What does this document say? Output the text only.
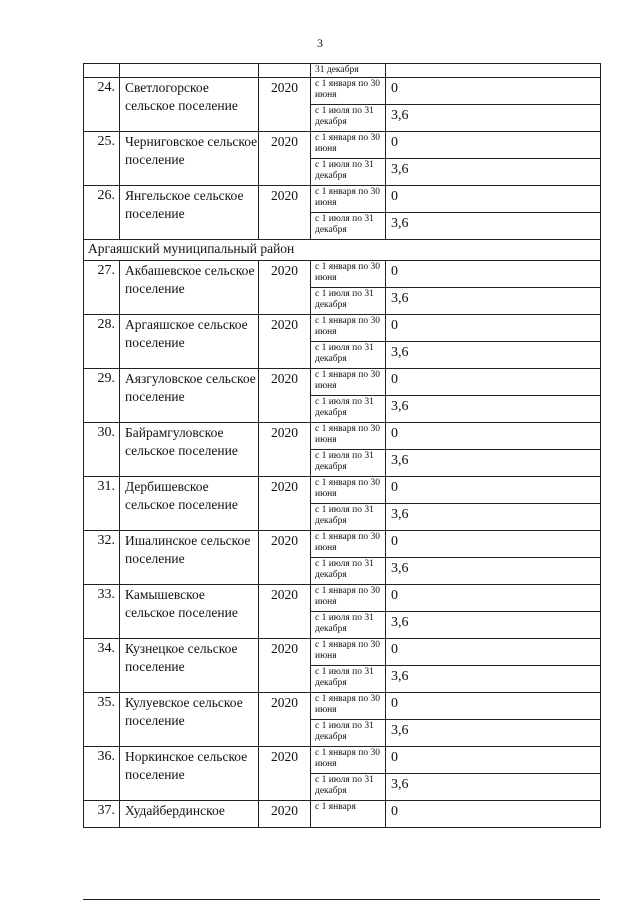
3
			31 декабря	
24.	Светлогорское сельское поселение	2020	с 1 января по 30 июня	0
			с 1 июля по 31 декабря	3,6
25.	Черниговское сельское поселение	2020	с 1 января по 30 июня	0
			с 1 июля по 31 декабря	3,6
26.	Янгельское сельское поселение	2020	с 1 января по 30 июня	0
			с 1 июля по 31 декабря	3,6
Аргаяшский муниципальный район				
27.	Акбашевское сельское поселение	2020	с 1 января по 30 июня	0
			с 1 июля по 31 декабря	3,6
28.	Аргаяшское сельское поселение	2020	с 1 января по 30 июня	0
			с 1 июля по 31 декабря	3,6
29.	Аязгуловское сельское поселение	2020	с 1 января по 30 июня	0
			с 1 июля по 31 декабря	3,6
30.	Байрамгуловское сельское поселение	2020	с 1 января по 30 июня	0
			с 1 июля по 31 декабря	3,6
31.	Дербишевское сельское поселение	2020	с 1 января по 30 июня	0
			с 1 июля по 31 декабря	3,6
32.	Ишалинское сельское поселение	2020	с 1 января по 30 июня	0
			с 1 июля по 31 декабря	3,6
33.	Камышевское сельское поселение	2020	с 1 января по 30 июня	0
			с 1 июля по 31 декабря	3,6
34.	Кузнецкое сельское поселение	2020	с 1 января по 30 июня	0
			с 1 июля по 31 декабря	3,6
35.	Кулуевское сельское поселение	2020	с 1 января по 30 июня	0
			с 1 июля по 31 декабря	3,6
36.	Норкинское сельское поселение	2020	с 1 января по 30 июня	0
			с 1 июля по 31 декабря	3,6
37.	Худайбердинское	2020	с 1 января	0
